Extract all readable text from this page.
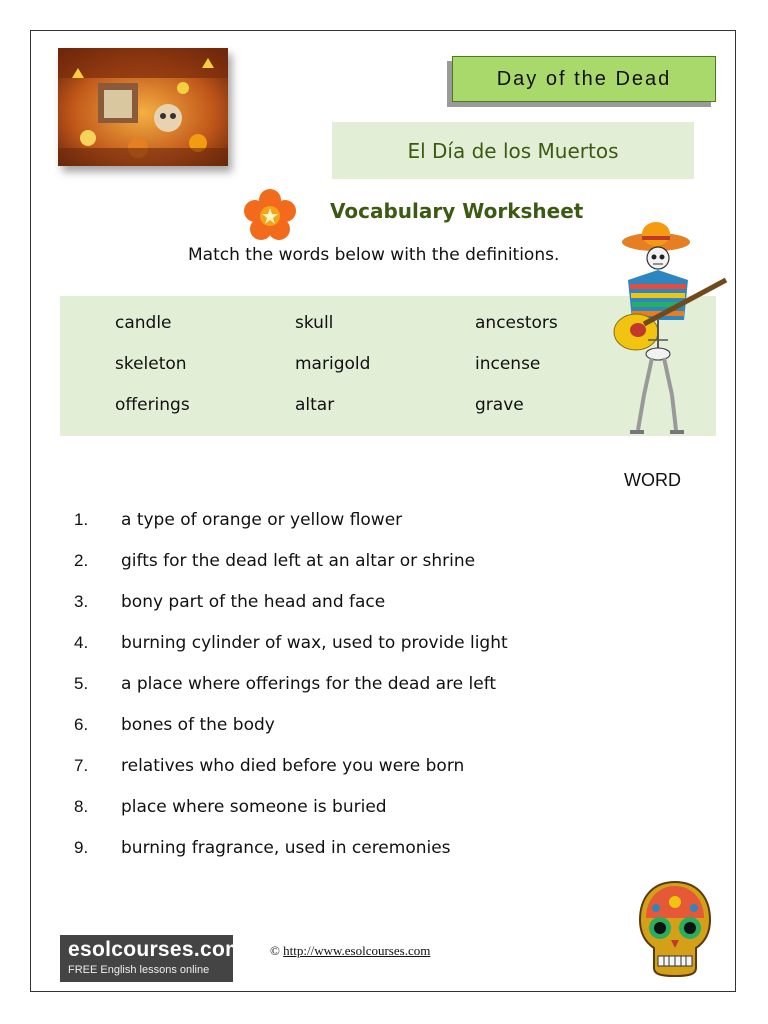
Day of the Dead
El Día de los Muertos
Vocabulary Worksheet
Match the words below with the definitions.
candle	skull	ancestors
skeleton	marigold	incense
offerings	altar	grave
WORD
1. a type of orange or yellow flower
2. gifts for the dead left at an altar or shrine
3. bony part of the head and face
4. burning cylinder of wax, used to provide light
5. a place where offerings for the dead are left
6. bones of the body
7. relatives who died before you were born
8. place where someone is buried
9. burning fragrance, used in ceremonies
esolcourses.com
FREE English lessons online
© http://www.esolcourses.com
